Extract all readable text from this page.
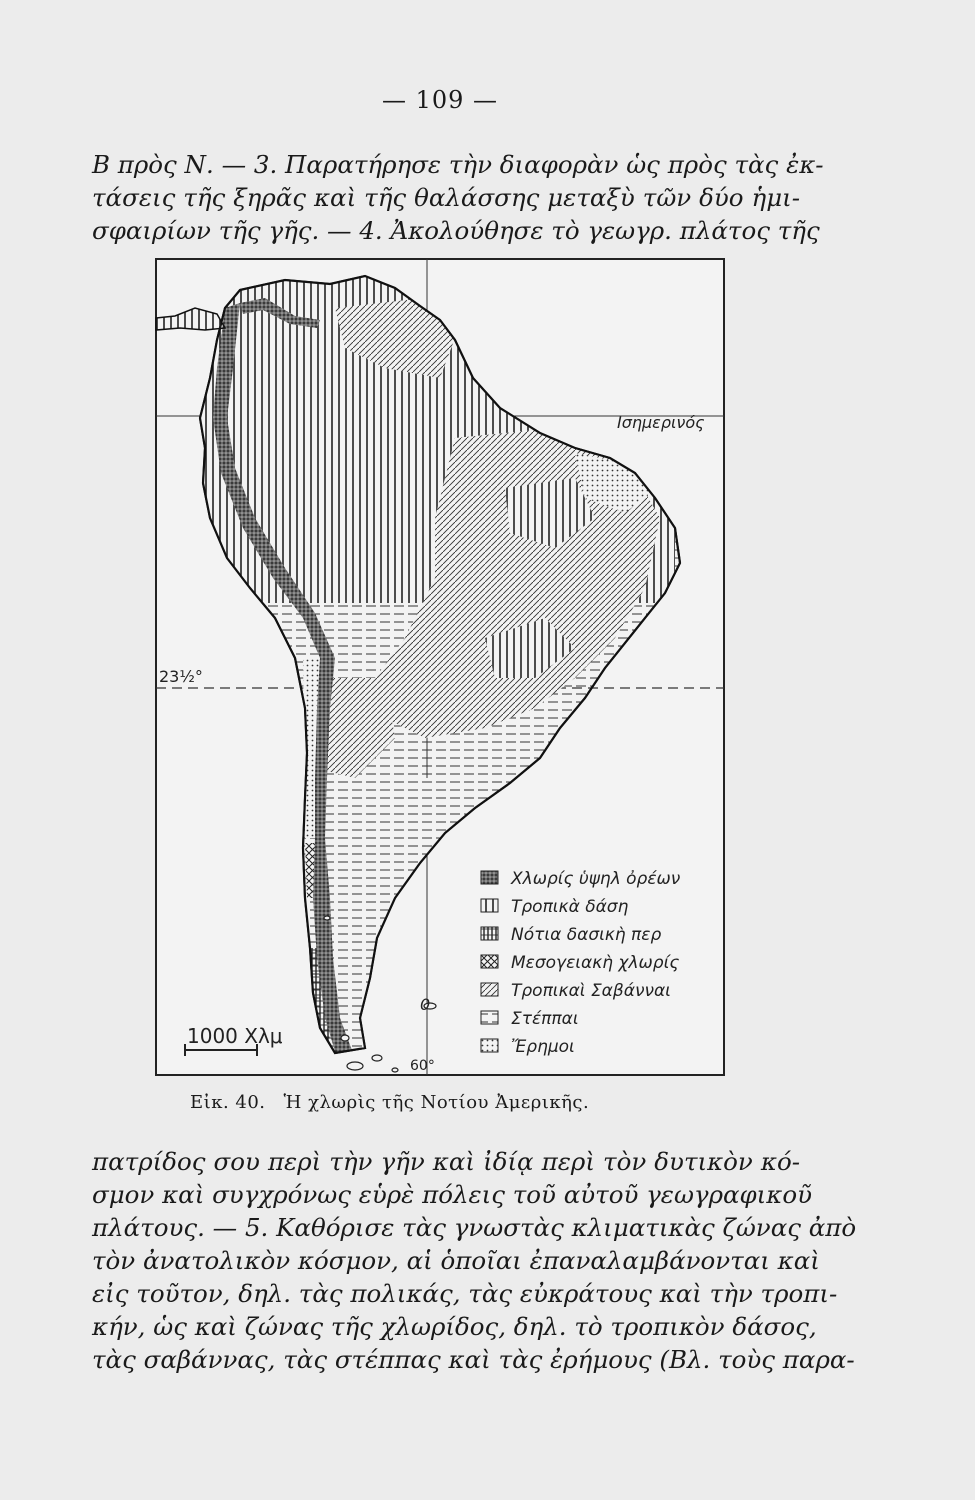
— 109 —
Β πρὸς Ν. — 3. Παρατήρησε τὴν διαφορὰν ὡς πρὸς τὰς ἐκ-
τάσεις τῆς ξηρᾶς καὶ τῆς θαλάσσης μεταξὺ τῶν δύο ἡμι-
σφαιρίων τῆς γῆς. — 4. Ἀκολούθησε τὸ γεωγρ. πλάτος τῆς
Ισημερινός
23½°
60°
0
1000 Χλμ
Χλωρίς ὑψηλ ὀρέων
Τροπικὰ δάση
Νότια δασικὴ περ
Μεσογειακὴ χλωρίς
Τροπικαὶ Σαβάνναι
Στέππαι
Ἔρημοι
Εἰκ. 40. Ἡ χλωρὶς τῆς Νοτίου Ἀμερικῆς.
πατρίδος σου περὶ τὴν γῆν καὶ ἰδίᾳ περὶ τὸν δυτικὸν κό-
σμον καὶ συγχρόνως εὑρὲ πόλεις τοῦ αὐτοῦ γεωγραφικοῦ
πλάτους. — 5. Καθόρισε τὰς γνωστὰς κλιματικὰς ζώνας ἀπὸ
τὸν ἀνατολικὸν κόσμον, αἱ ὁποῖαι ἐπαναλαμβάνονται καὶ
εἰς τοῦτον, δηλ. τὰς πολικάς, τὰς εὐκράτους καὶ τὴν τροπι-
κήν, ὡς καὶ ζώνας τῆς χλωρίδος, δηλ. τὸ τροπικὸν δάσος,
τὰς σαβάννας, τὰς στέππας καὶ τὰς ἐρήμους (Βλ. τοὺς παρα-
